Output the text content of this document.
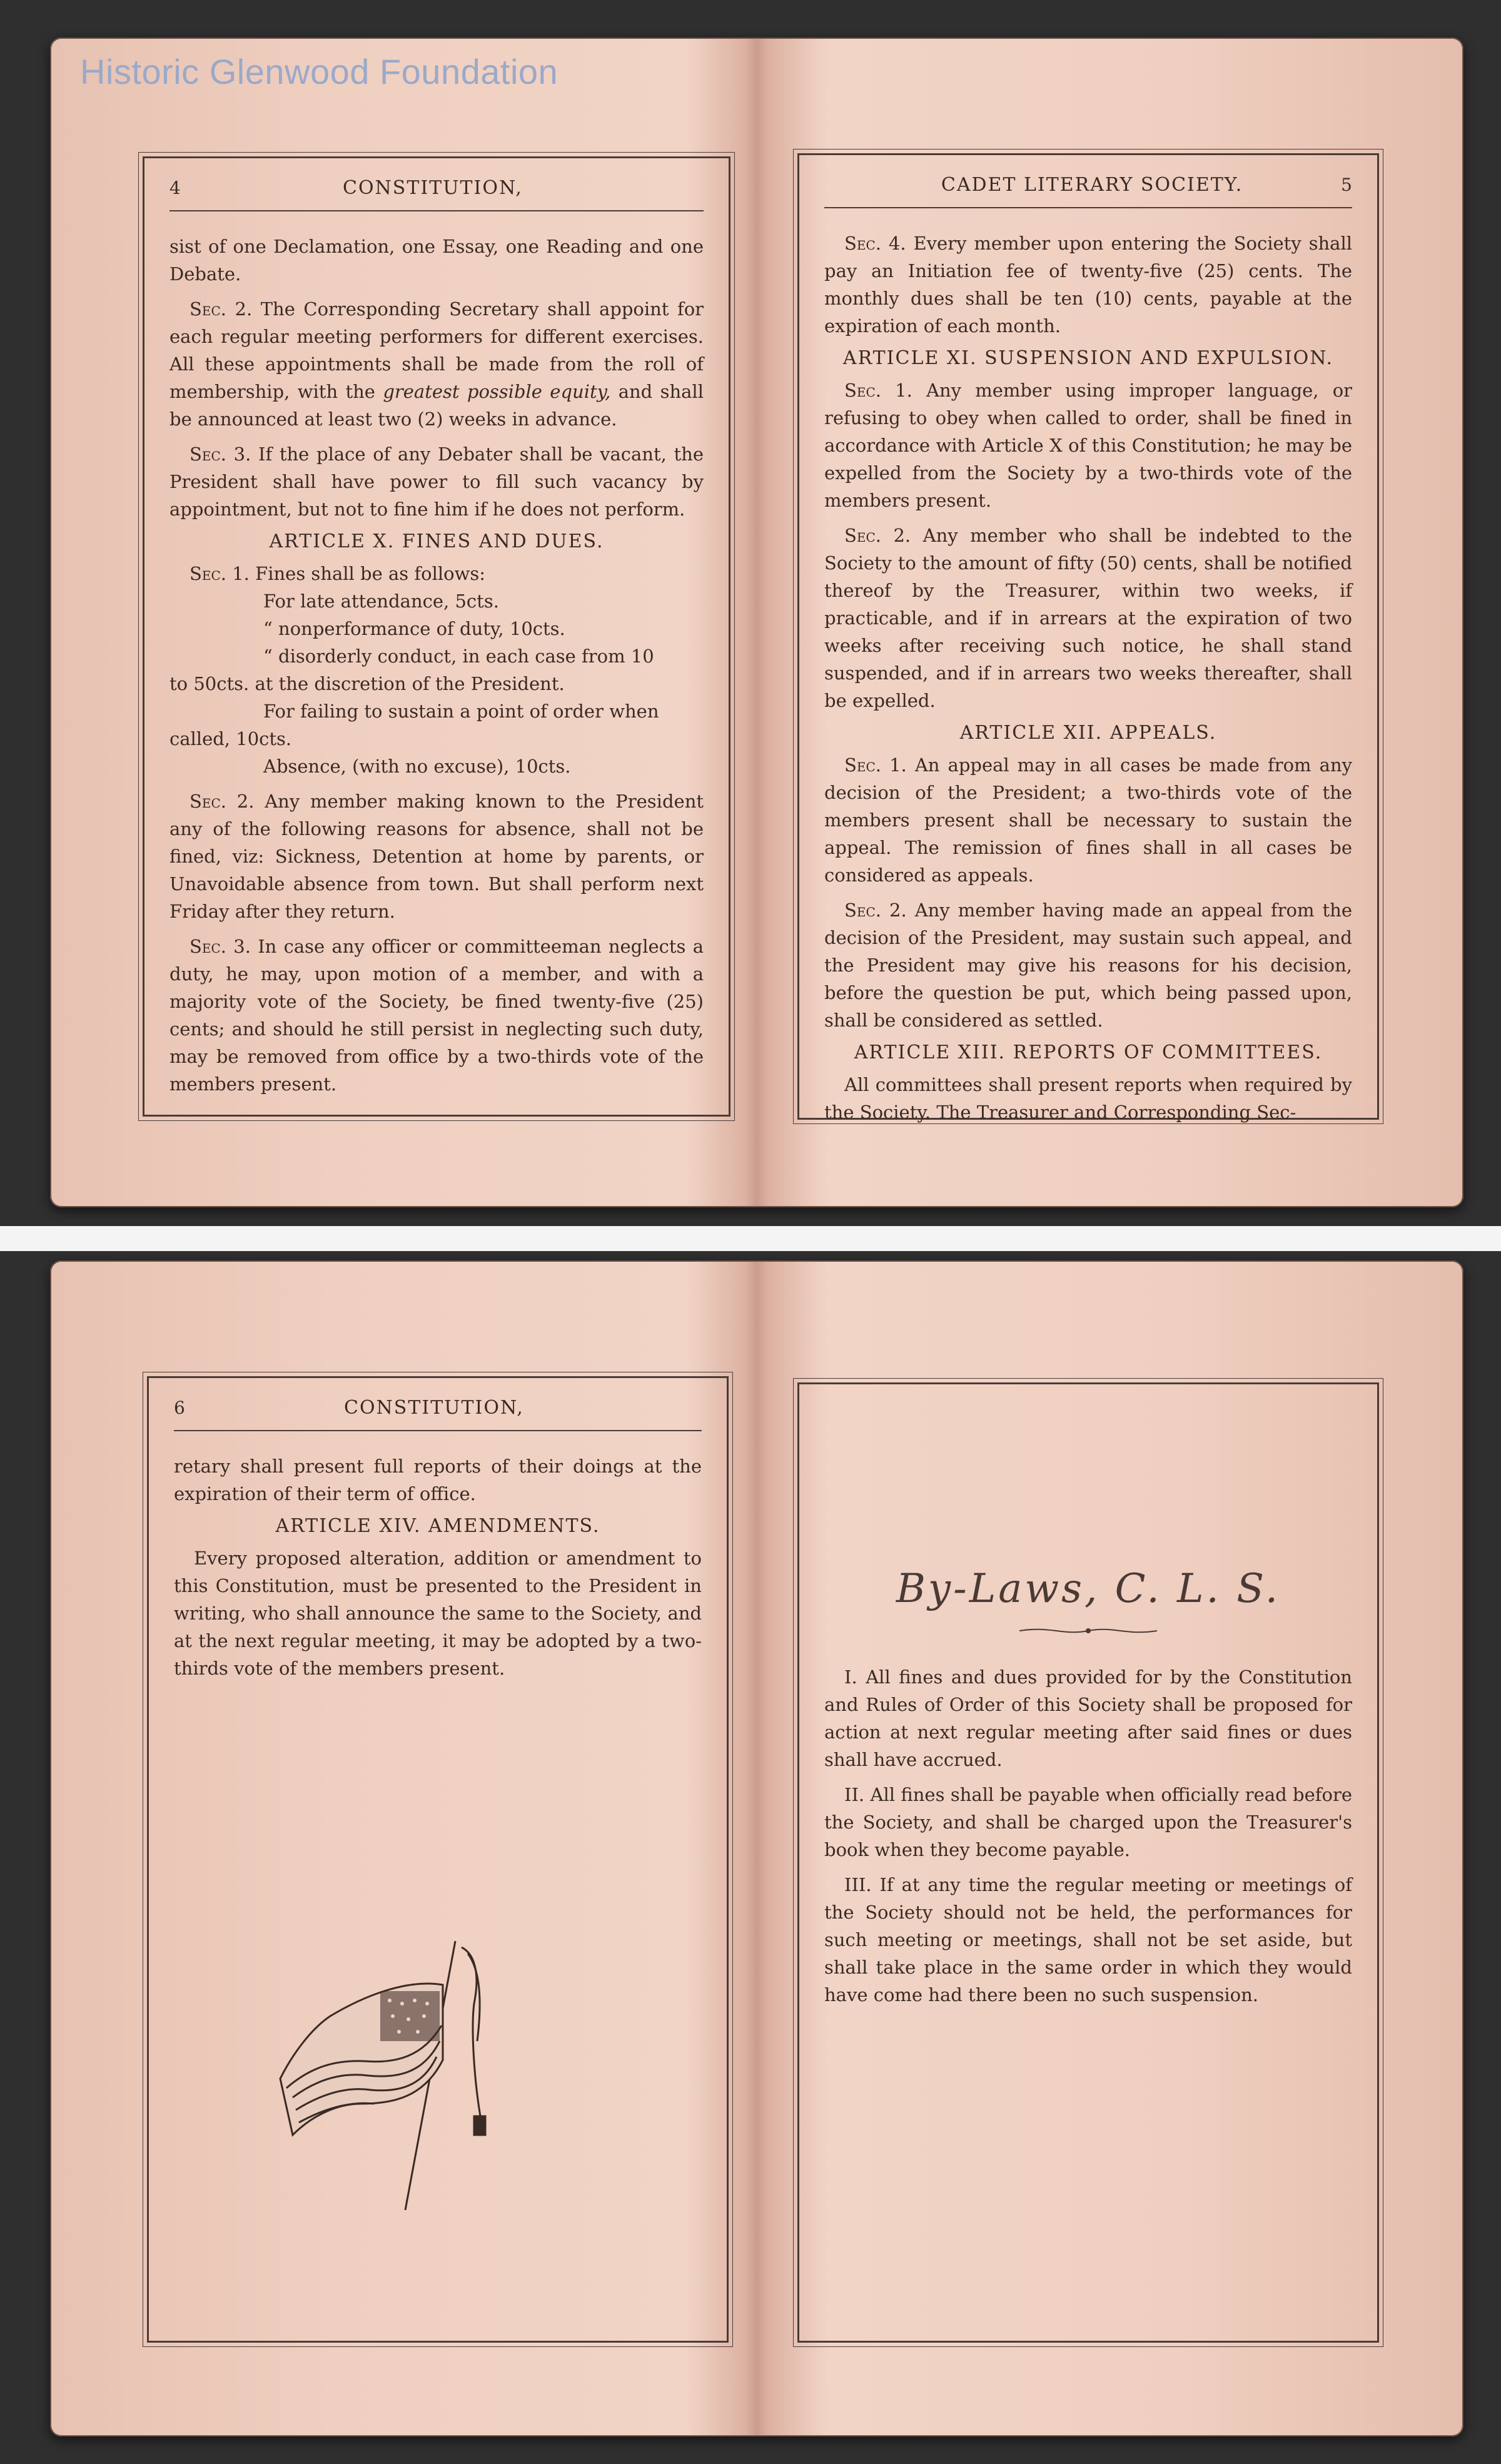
4	CONSTITUTION,

sist of one Declamation, one Essay, one Reading and one Debate.

Sec. 2. The Corresponding Secretary shall appoint for each regular meeting performers for different exercises. All these appointments shall be made from the roll of membership, with the greatest possible equity, and shall be announced at least two (2) weeks in advance.

Sec. 3. If the place of any Debater shall be vacant, the President shall have power to fill such vacancy by appointment, but not to fine him if he does not perform.

ARTICLE X. FINES AND DUES.

Sec. 1. Fines shall be as follows:

For late attendance, 5cts.

“ nonperformance of duty, 10cts.

“ disorderly conduct, in each case from 10

to 50cts. at the discretion of the President.

For failing to sustain a point of order when

called, 10cts.

Absence, (with no excuse), 10cts.

Sec. 2. Any member making known to the President any of the following reasons for absence, shall not be fined, viz: Sickness, Detention at home by parents, or Unavoidable absence from town. But shall perform next Friday after they return.

Sec. 3. In case any officer or committeeman neglects a duty, he may, upon motion of a member, and with a majority vote of the Society, be fined twenty-five (25) cents; and should he still persist in neglecting such duty, may be removed from office by a two-thirds vote of the members present.

CADET LITERARY SOCIETY.	5

Sec. 4. Every member upon entering the Society shall pay an Initiation fee of twenty-five (25) cents. The monthly dues shall be ten (10) cents, payable at the expiration of each month.

ARTICLE XI. SUSPENSION AND EXPULSION.

Sec. 1. Any member using improper language, or refusing to obey when called to order, shall be fined in accordance with Article X of this Constitution; he may be expelled from the Society by a two-thirds vote of the members present.

Sec. 2. Any member who shall be indebted to the Society to the amount of fifty (50) cents, shall be notified thereof by the Treasurer, within two weeks, if practicable, and if in arrears at the expiration of two weeks after receiving such notice, he shall stand suspended, and if in arrears two weeks thereafter, shall be expelled.

ARTICLE XII. APPEALS.

Sec. 1. An appeal may in all cases be made from any decision of the President; a two-thirds vote of the members present shall be necessary to sustain the appeal. The remission of fines shall in all cases be considered as appeals.

Sec. 2. Any member having made an appeal from the decision of the President, may sustain such appeal, and the President may give his reasons for his decision, before the question be put, which being passed upon, shall be considered as settled.

ARTICLE XIII. REPORTS OF COMMITTEES.

All committees shall present reports when required by the Society. The Treasurer and Corresponding Sec-

6	CONSTITUTION,

retary shall present full reports of their doings at the expiration of their term of office.

ARTICLE XIV. AMENDMENTS.

Every proposed alteration, addition or amendment to this Constitution, must be presented to the President in writing, who shall announce the same to the Society, and at the next regular meeting, it may be adopted by a two-thirds vote of the members present.

By-Laws, C. L. S.

I. All fines and dues provided for by the Constitution and Rules of Order of this Society shall be proposed for action at next regular meeting after said fines or dues shall have accrued.

II. All fines shall be payable when officially read before the Society, and shall be charged upon the Treasurer's book when they become payable.

III. If at any time the regular meeting or meetings of the Society should not be held, the performances for such meeting or meetings, shall not be set aside, but shall take place in the same order in which they would have come had there been no such suspension.

Historic Glenwood Foundation
